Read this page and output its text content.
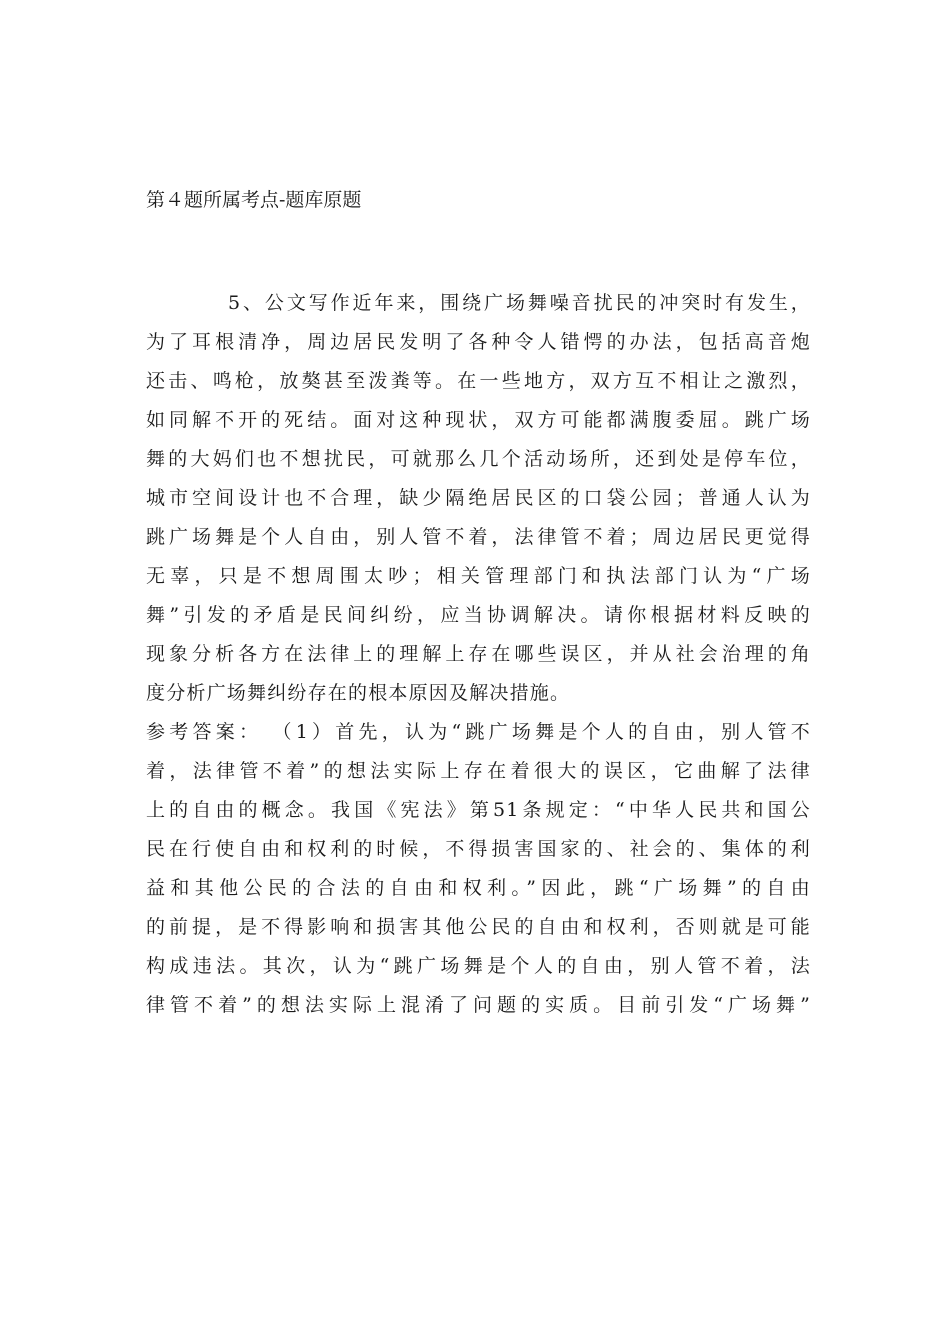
第４题所属考点-题库原题
5、公文写作近年来，围绕广场舞噪音扰民的冲突时有发生，
为了耳根清净，周边居民发明了各种令人错愕的办法，包括高音炮
还击、鸣枪，放獒甚至泼粪等。在一些地方，双方互不相让之激烈，
如同解不开的死结。面对这种现状，双方可能都满腹委屈。跳广场
舞的大妈们也不想扰民，可就那么几个活动场所，还到处是停车位，
城市空间设计也不合理，缺少隔绝居民区的口袋公园；普通人认为
跳广场舞是个人自由，别人管不着，法律管不着；周边居民更觉得
无辜，只是不想周围太吵；相关管理部门和执法部门认为“广场
舞”引发的矛盾是民间纠纷，应当协调解决。请你根据材料反映的
现象分析各方在法律上的理解上存在哪些误区，并从社会治理的角
度分析广场舞纠纷存在的根本原因及解决措施。
参考答案： （1）首先，认为“跳广场舞是个人的自由，别人管不
着，法律管不着”的想法实际上存在着很大的误区，它曲解了法律
上的自由的概念。我国《宪法》第51条规定：“中华人民共和国公
民在行使自由和权利的时候，不得损害国家的、社会的、集体的利
益和其他公民的合法的自由和权利。”因此，跳“广场舞”的自由
的前提，是不得影响和损害其他公民的自由和权利，否则就是可能
构成违法。其次，认为“跳广场舞是个人的自由，别人管不着，法
律管不着”的想法实际上混淆了问题的实质。目前引发“广场舞”
